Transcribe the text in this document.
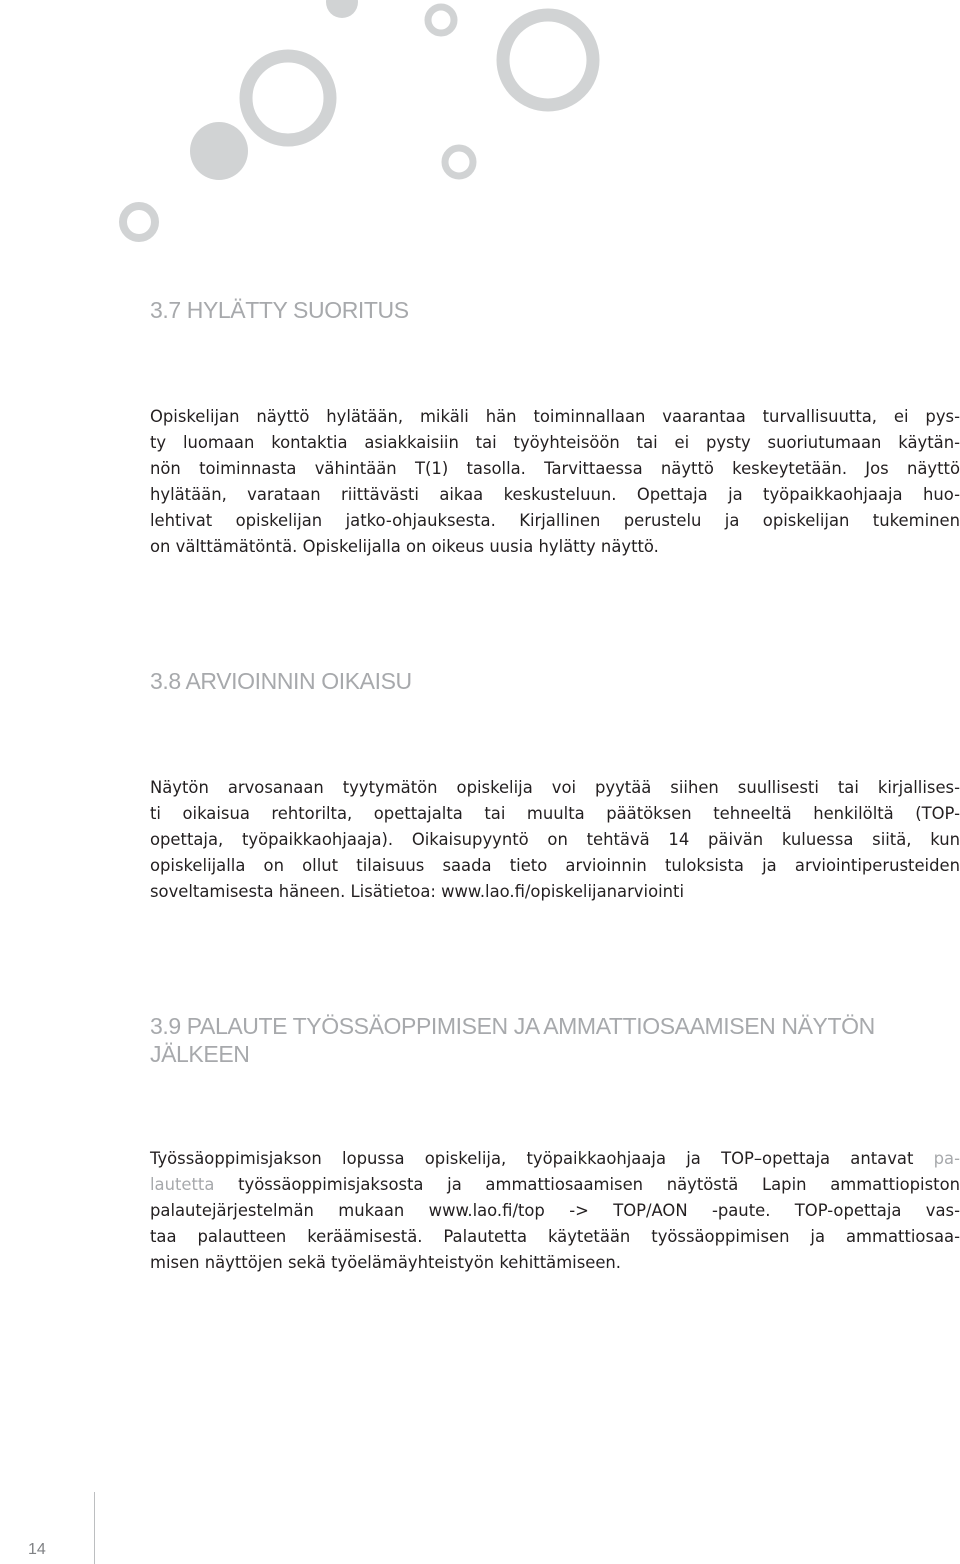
3.7 HYLÄTTY SUORITUS
Opiskelijan näyttö hylätään, mikäli hän toiminnallaan vaarantaa turvallisuutta, ei pys-
ty luomaan kontaktia asiakkaisiin tai työyhteisöön tai ei pysty suoriutumaan käytän-
nön toiminnasta vähintään T(1) tasolla. Tarvittaessa näyttö keskeytetään. Jos näyttö
hylätään, varataan riittävästi aikaa keskusteluun. Opettaja ja työpaikkaohjaaja huo-
lehtivat opiskelijan jatko-ohjauksesta. Kirjallinen perustelu ja opiskelijan tukeminen
on välttämätöntä. Opiskelijalla on oikeus uusia hylätty näyttö.
3.8 ARVIOINNIN OIKAISU
Näytön arvosanaan tyytymätön opiskelija voi pyytää siihen suullisesti tai kirjallises-
ti oikaisua rehtorilta, opettajalta tai muulta päätöksen tehneeltä henkilöltä (TOP-
opettaja, työpaikkaohjaaja). Oikaisupyyntö on tehtävä 14 päivän kuluessa siitä, kun
opiskelijalla on ollut tilaisuus saada tieto arvioinnin tuloksista ja arviointiperusteiden
soveltamisesta häneen. Lisätietoa: www.lao.fi/opiskelijanarviointi
3.9 PALAUTE TYÖSSÄOPPIMISEN JA AMMATTIOSAAMISEN NÄYTÖN
JÄLKEEN
Työssäoppimisjakson lopussa opiskelija, työpaikkaohjaaja ja TOP–opettaja antavat pa-
lautetta työssäoppimisjaksosta ja ammattiosaamisen näytöstä Lapin ammattiopiston
palautejärjestelmän mukaan www.lao.fi/top -> TOP/AON -paute. TOP-opettaja vas-
taa palautteen keräämisestä. Palautetta käytetään työssäoppimisen ja ammattiosaa-
misen näyttöjen sekä työelämäyhteistyön kehittämiseen.
14
